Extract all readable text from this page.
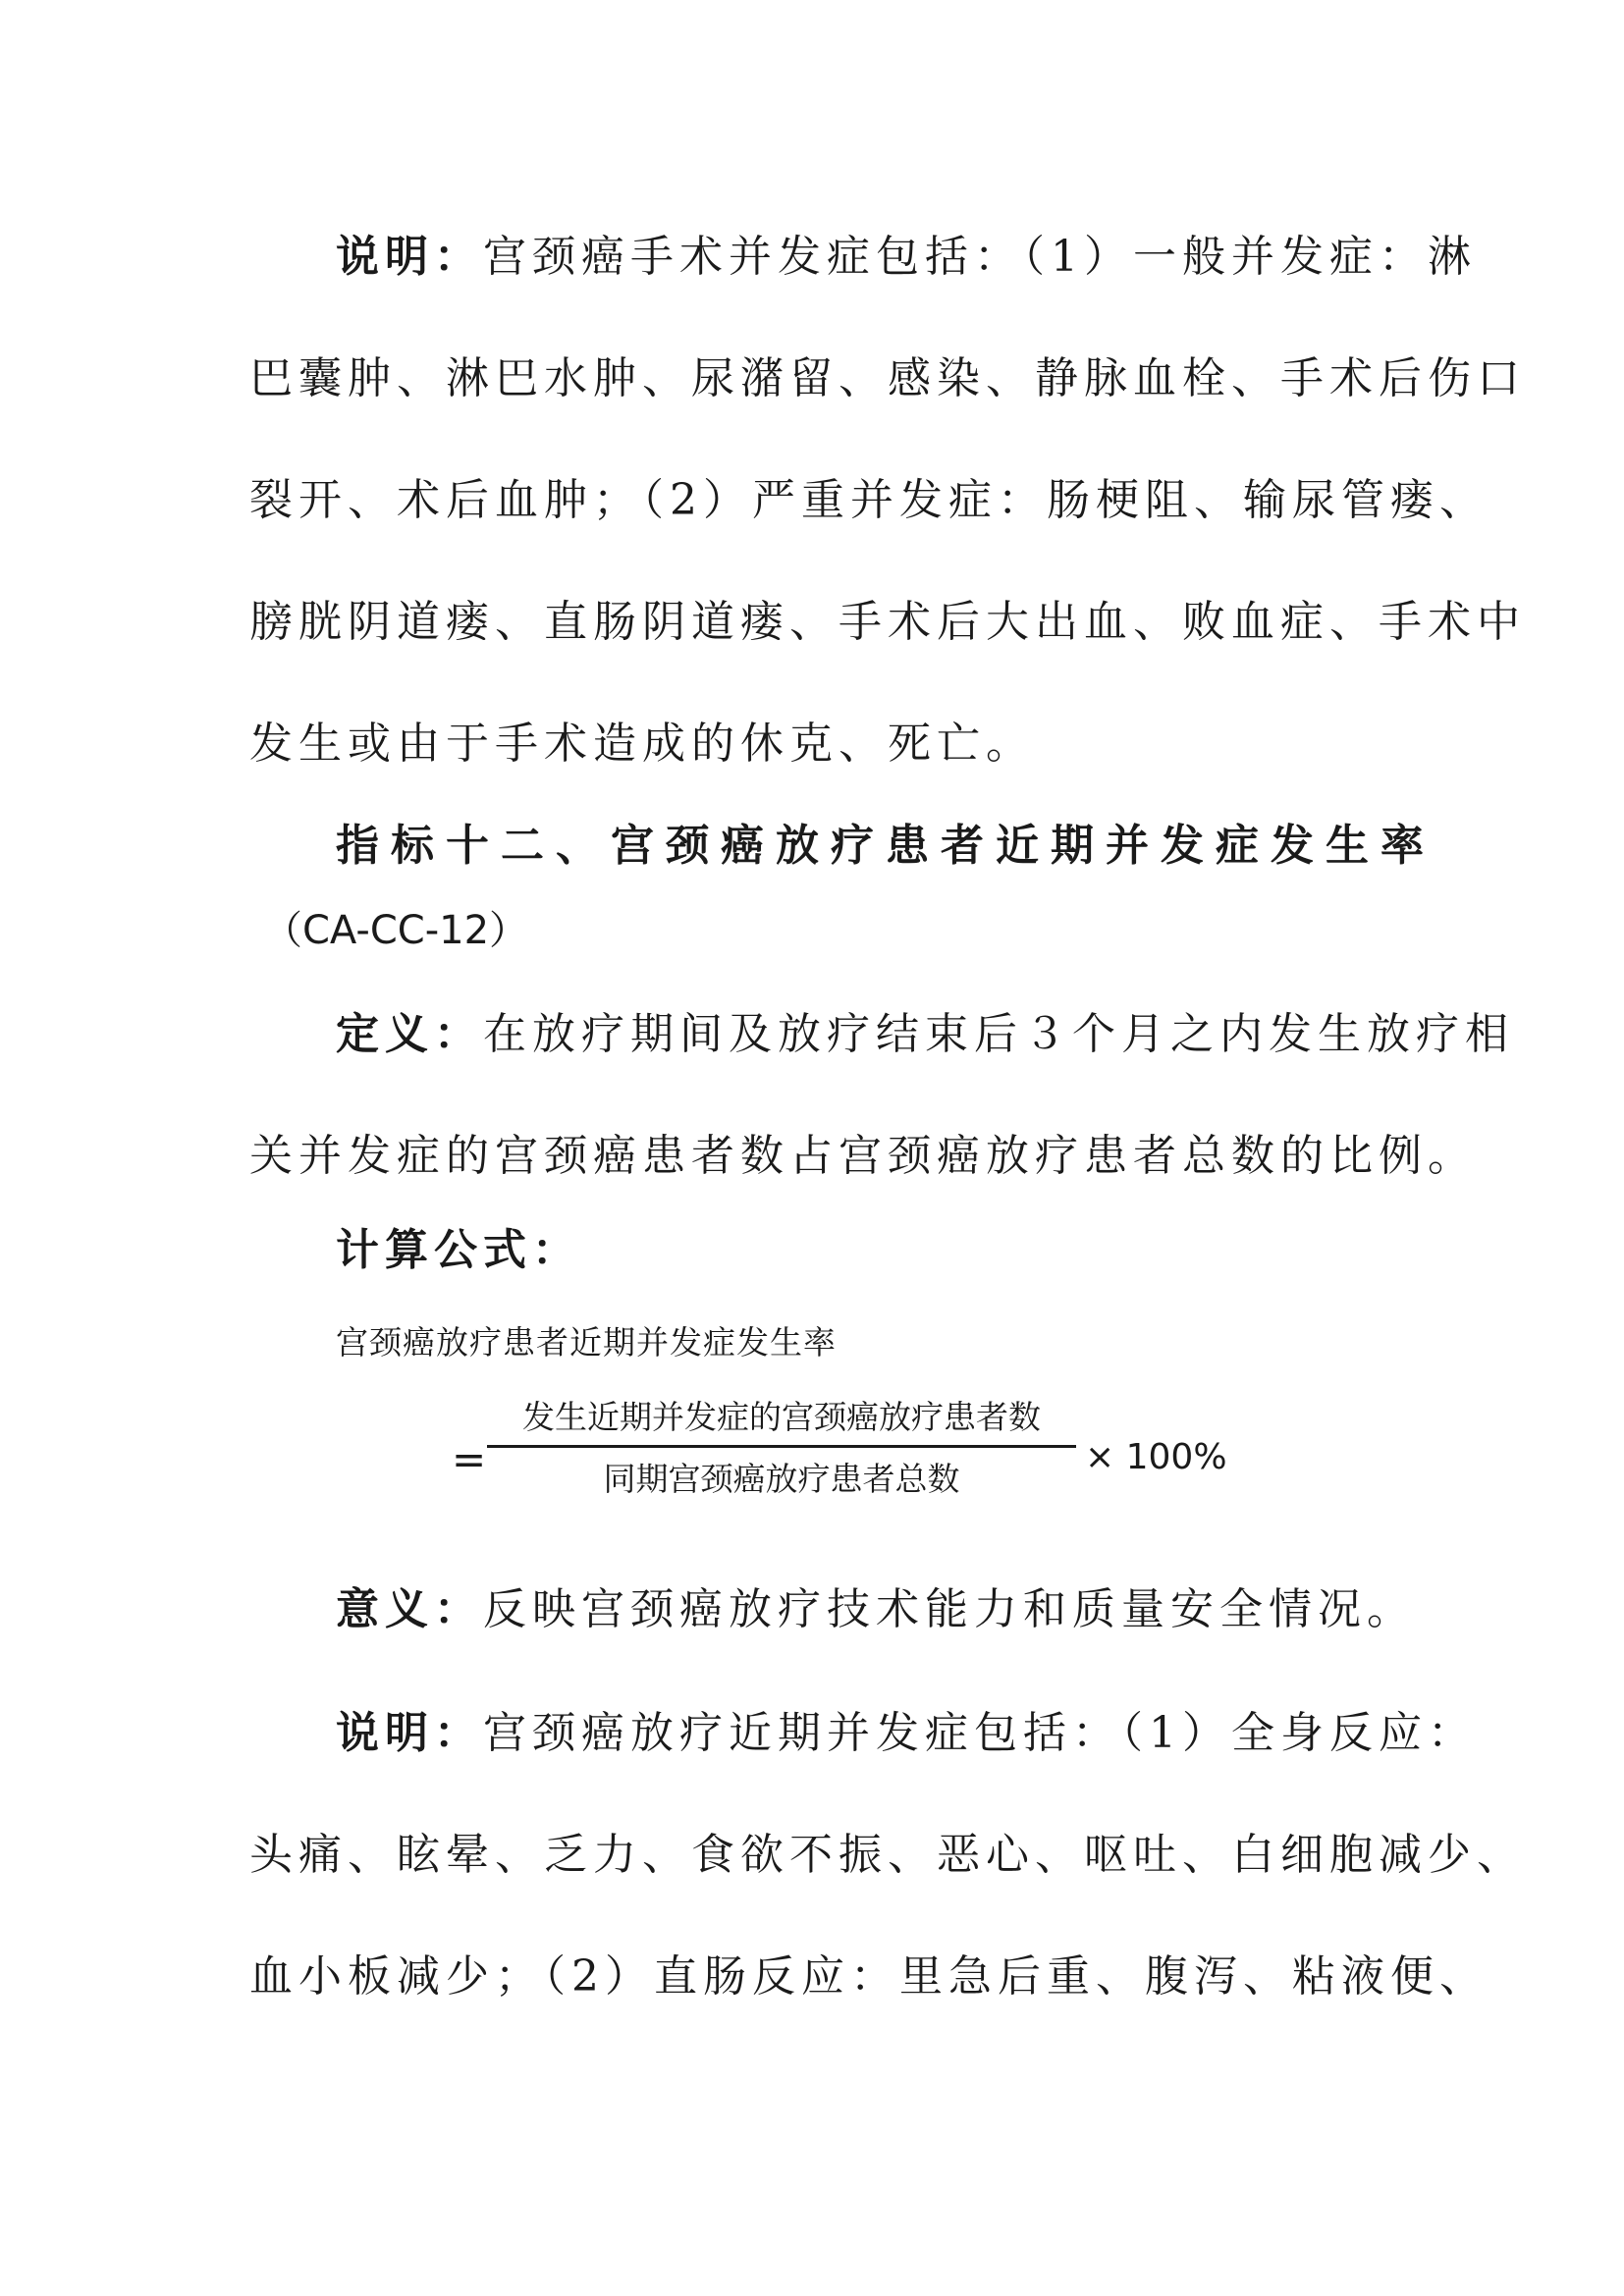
说明：宫颈癌手术并发症包括：（1）一般并发症：淋
巴囊肿、淋巴水肿、尿潴留、感染、静脉血栓、手术后伤口
裂开、术后血肿；（2）严重并发症：肠梗阻、输尿管瘘、
膀胱阴道瘘、直肠阴道瘘、手术后大出血、败血症、手术中
发生或由于手术造成的休克、死亡。
指标十二、宫颈癌放疗患者近期并发症发生率
（CA-CC-12）
定义：在放疗期间及放疗结束后３个月之内发生放疗相
关并发症的宫颈癌患者数占宫颈癌放疗患者总数的比例。
计算公式：
宫颈癌放疗患者近期并发症发生率
=
发生近期并发症的宫颈癌放疗患者数
同期宫颈癌放疗患者总数
× 100%
意义：反映宫颈癌放疗技术能力和质量安全情况。
说明：宫颈癌放疗近期并发症包括：（1）全身反应：
头痛、眩晕、乏力、食欲不振、恶心、呕吐、白细胞减少、
血小板减少；（2）直肠反应：里急后重、腹泻、粘液便、
